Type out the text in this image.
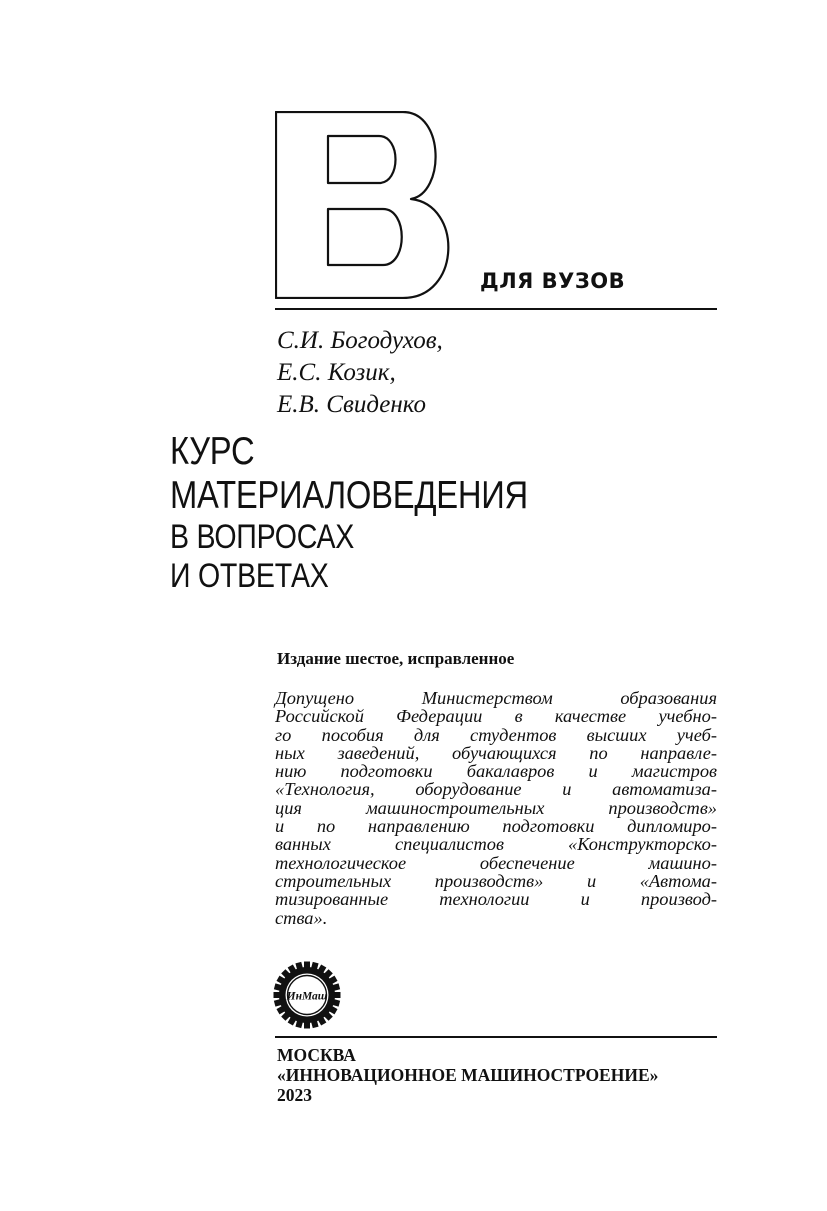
ДЛЯ ВУЗОВ
С.И. Богодухов,
Е.С. Козик,
Е.В. Свиденко
КУРС
МАТЕРИАЛОВЕДЕНИЯ
В ВОПРОСАХ
И ОТВЕТАХ
Издание шестое, исправленное
Допущено Министерством образования
Российской Федерации в качестве учебно-
го пособия для студентов высших учеб-
ных заведений, обучающихся по направле-
нию подготовки бакалавров и магистров
«Технология, оборудование и автоматиза-
ция машиностроительных производств»
и по направлению подготовки дипломиро-
ванных специалистов «Конструкторско-
технологическое обеспечение машино-
строительных производств» и «Автома-
тизированные технологии и производ-
ства».
ИнМаш
МОСКВА
«ИННОВАЦИОННОЕ МАШИНОСТРОЕНИЕ»
2023
